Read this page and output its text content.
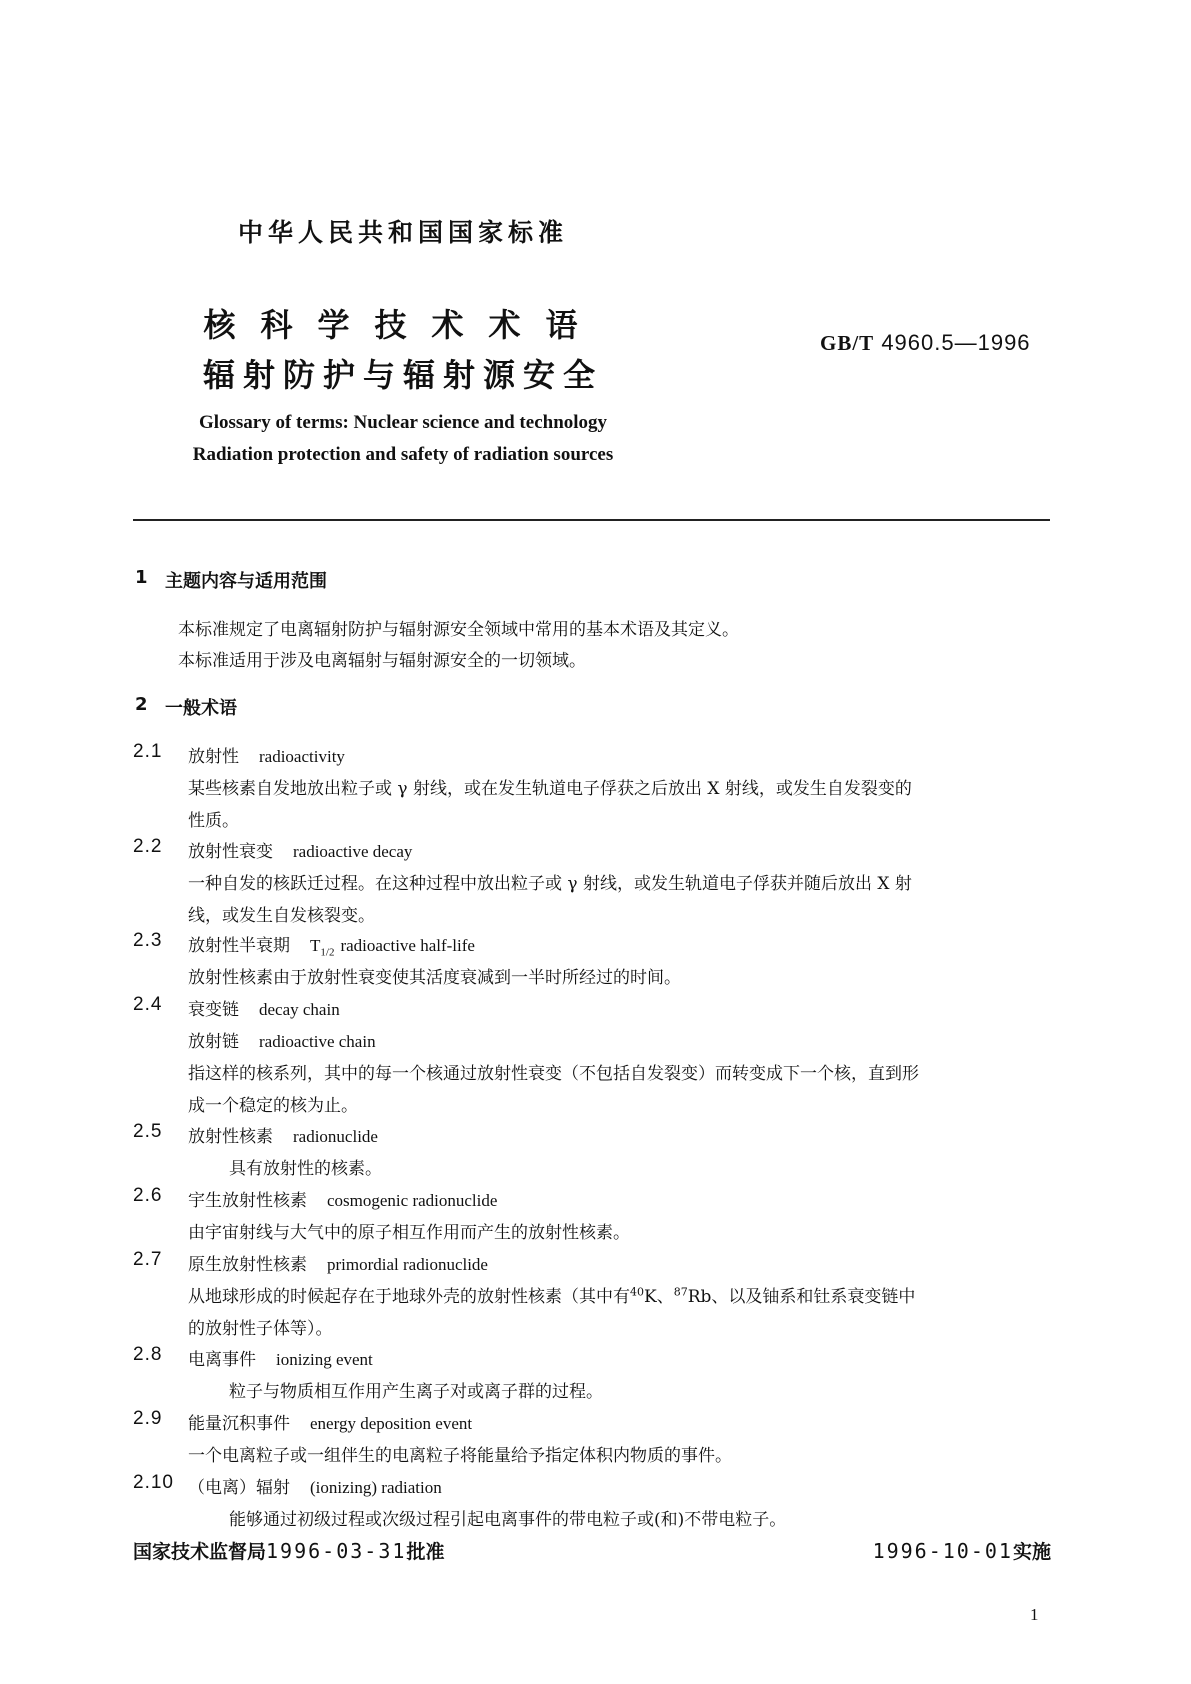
中华人民共和国国家标准
核科学技术术语
辐射防护与辐射源安全
GB/T 4960.5—1996
Glossary of terms: Nuclear science and technology
Radiation protection and safety of radiation sources
1 主题内容与适用范围
本标准规定了电离辐射防护与辐射源安全领域中常用的基本术语及其定义。
本标准适用于涉及电离辐射与辐射源安全的一切领域。
2 一般术语
2.1 放射性 radioactivity
某些核素自发地放出粒子或 γ 射线，或在发生轨道电子俘获之后放出 X 射线，或发生自发裂变的
性质。
2.2 放射性衰变 radioactive decay
一种自发的核跃迁过程。在这种过程中放出粒子或 γ 射线，或发生轨道电子俘获并随后放出 X 射
线，或发生自发核裂变。
2.3 放射性半衰期 $T_{1/2}$ radioactive half-life
放射性核素由于放射性衰变使其活度衰减到一半时所经过的时间。
2.4 衰变链 decay chain
放射链 radioactive chain
指这样的核系列，其中的每一个核通过放射性衰变（不包括自发裂变）而转变成下一个核，直到形
成一个稳定的核为止。
2.5 放射性核素 radionuclide
具有放射性的核素。
2.6 宇生放射性核素 cosmogenic radionuclide
由宇宙射线与大气中的原子相互作用而产生的放射性核素。
2.7 原生放射性核素 primordial radionuclide
从地球形成的时候起存在于地球外壳的放射性核素（其中有$^{40}$K、$^{87}$Rb、以及铀系和钍系衰变链中
的放射性子体等）。
2.8 电离事件 ionizing event
粒子与物质相互作用产生离子对或离子群的过程。
2.9 能量沉积事件 energy deposition event
一个电离粒子或一组伴生的电离粒子将能量给予指定体积内物质的事件。
2.10 （电离）辐射 (ionizing) radiation
能够通过初级过程或次级过程引起电离事件的带电粒子或(和)不带电粒子。
国家技术监督局1996-03-31批准	1996-10-01实施
1
